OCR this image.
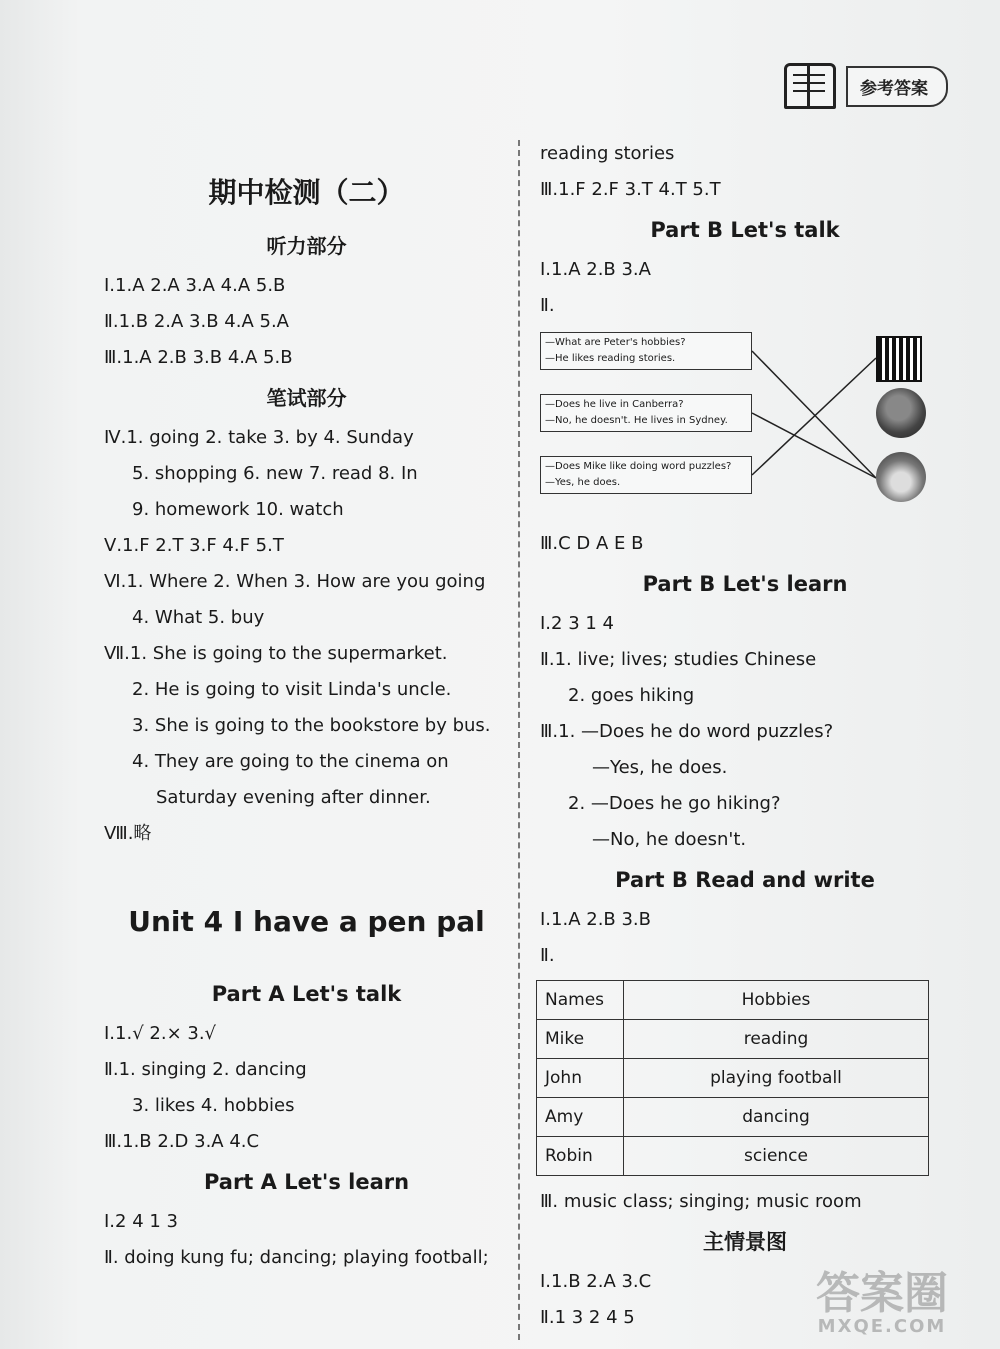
参考答案
期中检测（二）
听力部分
Ⅰ.1.A 2.A 3.A 4.A 5.B
Ⅱ.1.B 2.A 3.B 4.A 5.A
Ⅲ.1.A 2.B 3.B 4.A 5.B
笔试部分
Ⅳ.1. going 2. take 3. by 4. Sunday
5. shopping 6. new 7. read 8. In
9. homework 10. watch
Ⅴ.1.F 2.T 3.F 4.F 5.T
Ⅵ.1. Where 2. When 3. How are you going
4. What 5. buy
Ⅶ.1. She is going to the supermarket.
2. He is going to visit Linda's uncle.
3. She is going to the bookstore by bus.
4. They are going to the cinema on
Saturday evening after dinner.
Ⅷ.略
Unit 4 I have a pen pal
Part A Let's talk
Ⅰ.1.√ 2.× 3.√
Ⅱ.1. singing 2. dancing
3. likes 4. hobbies
Ⅲ.1.B 2.D 3.A 4.C
Part A Let's learn
Ⅰ.2 4 1 3
Ⅱ. doing kung fu; dancing; playing football;
reading stories
Ⅲ.1.F 2.F 3.T 4.T 5.T
Part B Let's talk
Ⅰ.1.A 2.B 3.A
Ⅱ.
—What are Peter's hobbies?
—He likes reading stories.
—Does he live in Canberra?
—No, he doesn't. He lives in Sydney.
—Does Mike like doing word puzzles?
—Yes, he does.
Ⅲ.C D A E B
Part B Let's learn
Ⅰ.2 3 1 4
Ⅱ.1. live; lives; studies Chinese
2. goes hiking
Ⅲ.1. —Does he do word puzzles?
—Yes, he does.
2. —Does he go hiking?
—No, he doesn't.
Part B Read and write
Ⅰ.1.A 2.B 3.B
Ⅱ.
Names	Hobbies
Mike	reading
John	playing football
Amy	dancing
Robin	science
Ⅲ. music class; singing; music room
主情景图
Ⅰ.1.B 2.A 3.C
Ⅱ.1 3 2 4 5	答案圈
MXQE.COM
